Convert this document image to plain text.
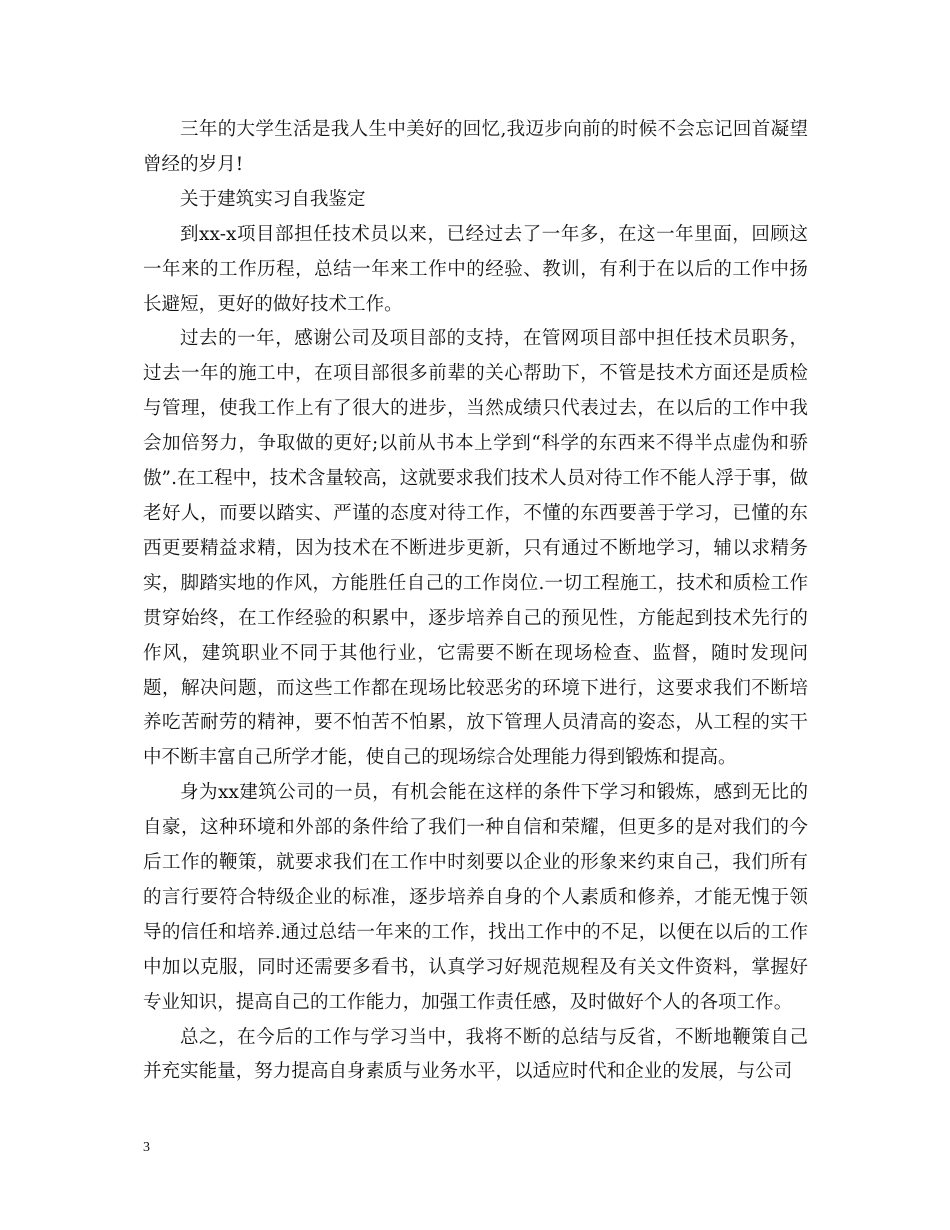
三年的大学生活是我人生中美好的回忆,我迈步向前的时候不会忘记回首凝望曾经的岁月!

关于建筑实习自我鉴定

到xx-x项目部担任技术员以来，已经过去了一年多，在这一年里面，回顾这一年来的工作历程，总结一年来工作中的经验、教训，有利于在以后的工作中扬长避短，更好的做好技术工作。

过去的一年，感谢公司及项目部的支持，在管网项目部中担任技术员职务，过去一年的施工中，在项目部很多前辈的关心帮助下，不管是技术方面还是质检与管理，使我工作上有了很大的进步，当然成绩只代表过去，在以后的工作中我会加倍努力，争取做的更好;以前从书本上学到“科学的东西来不得半点虚伪和骄傲”.在工程中，技术含量较高，这就要求我们技术人员对待工作不能人浮于事，做老好人，而要以踏实、严谨的态度对待工作，不懂的东西要善于学习，已懂的东西更要精益求精，因为技术在不断进步更新，只有通过不断地学习，辅以求精务实，脚踏实地的作风，方能胜任自己的工作岗位.一切工程施工，技术和质检工作贯穿始终，在工作经验的积累中，逐步培养自己的预见性，方能起到技术先行的作风，建筑职业不同于其他行业，它需要不断在现场检查、监督，随时发现问题，解决问题，而这些工作都在现场比较恶劣的环境下进行，这要求我们不断培养吃苦耐劳的精神，要不怕苦不怕累，放下管理人员清高的姿态，从工程的实干中不断丰富自己所学才能，使自己的现场综合处理能力得到锻炼和提高。

身为xx建筑公司的一员，有机会能在这样的条件下学习和锻炼，感到无比的自豪，这种环境和外部的条件给了我们一种自信和荣耀，但更多的是对我们的今后工作的鞭策，就要求我们在工作中时刻要以企业的形象来约束自己，我们所有的言行要符合特级企业的标准，逐步培养自身的个人素质和修养，才能无愧于领导的信任和培养.通过总结一年来的工作，找出工作中的不足，以便在以后的工作中加以克服，同时还需要多看书，认真学习好规范规程及有关文件资料，掌握好专业知识，提高自己的工作能力，加强工作责任感，及时做好个人的各项工作。

总之，在今后的工作与学习当中，我将不断的总结与反省，不断地鞭策自己并充实能量，努力提高自身素质与业务水平，以适应时代和企业的发展，与公司

3
